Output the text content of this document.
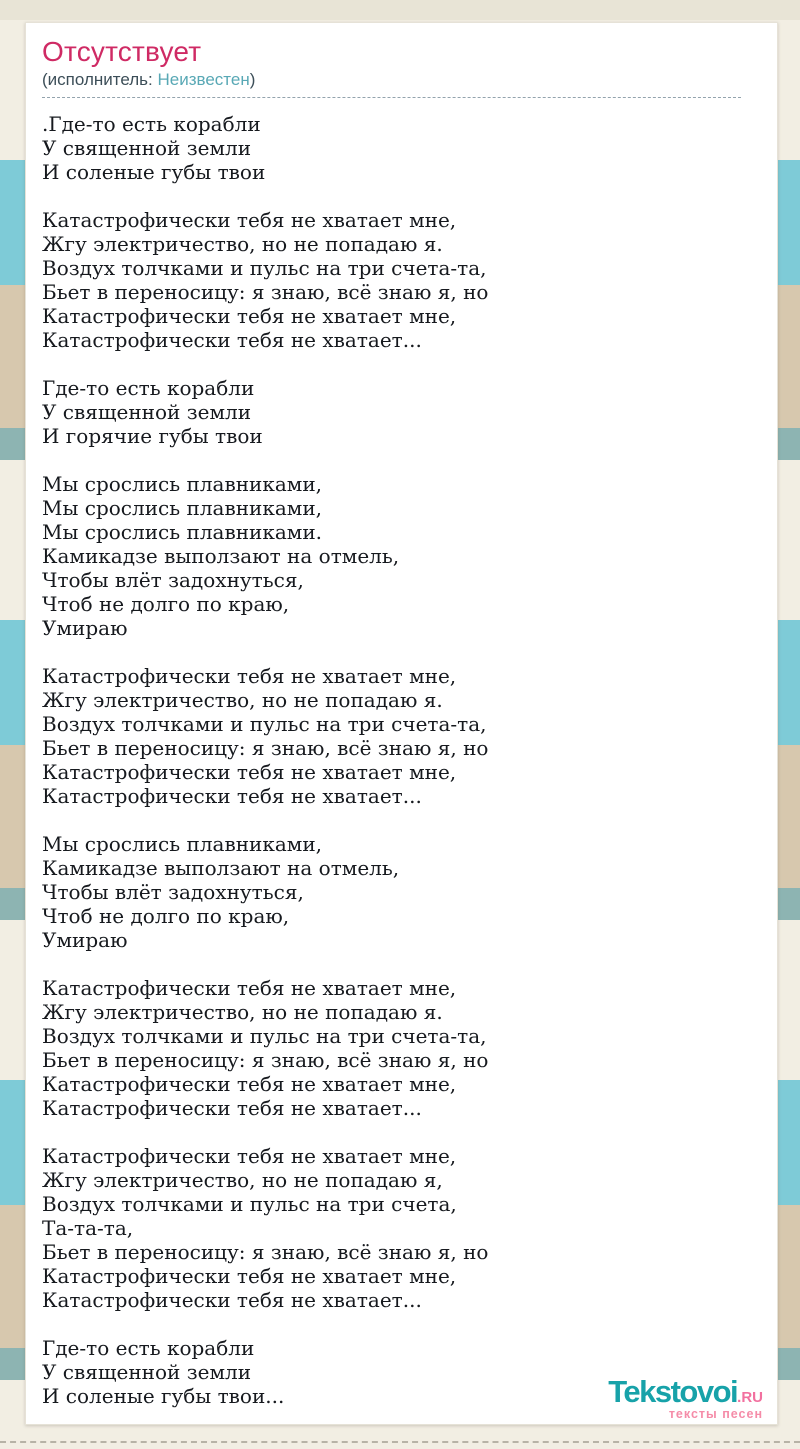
Отсутствует

(исполнитель: Неизвестен)

.Где-то есть корабли
У священной земли
И соленые губы твои

Катастрофически тебя не хватает мне,
Жгу электричество, но не попадаю я.
Воздух толчками и пульс на три счета-та,
Бьет в переносицу: я знаю, всё знаю я, но
Катастрофически тебя не хватает мне,
Катастрофически тебя не хватает...

Где-то есть корабли
У священной земли
И горячие губы твои

Мы срослись плавниками,
Мы срослись плавниками,
Мы срослись плавниками.
Камикадзе выползают на отмель,
Чтобы влёт задохнуться,
Чтоб не долго по краю,
Умираю

Катастрофически тебя не хватает мне,
Жгу электричество, но не попадаю я.
Воздух толчками и пульс на три счета-та,
Бьет в переносицу: я знаю, всё знаю я, но
Катастрофически тебя не хватает мне,
Катастрофически тебя не хватает...

Мы срослись плавниками,
Камикадзе выползают на отмель,
Чтобы влёт задохнуться,
Чтоб не долго по краю,
Умираю

Катастрофически тебя не хватает мне,
Жгу электричество, но не попадаю я.
Воздух толчками и пульс на три счета-та,
Бьет в переносицу: я знаю, всё знаю я, но
Катастрофически тебя не хватает мне,
Катастрофически тебя не хватает...

Катастрофически тебя не хватает мне,
Жгу электричество, но не попадаю я,
Воздух толчками и пульс на три счета,
Та-та-та,
Бьет в переносицу: я знаю, всё знаю я, но
Катастрофически тебя не хватает мне,
Катастрофически тебя не хватает...

Где-то есть корабли
У священной земли
И соленые губы твои...	Tekstovoi.RU
тексты песен
